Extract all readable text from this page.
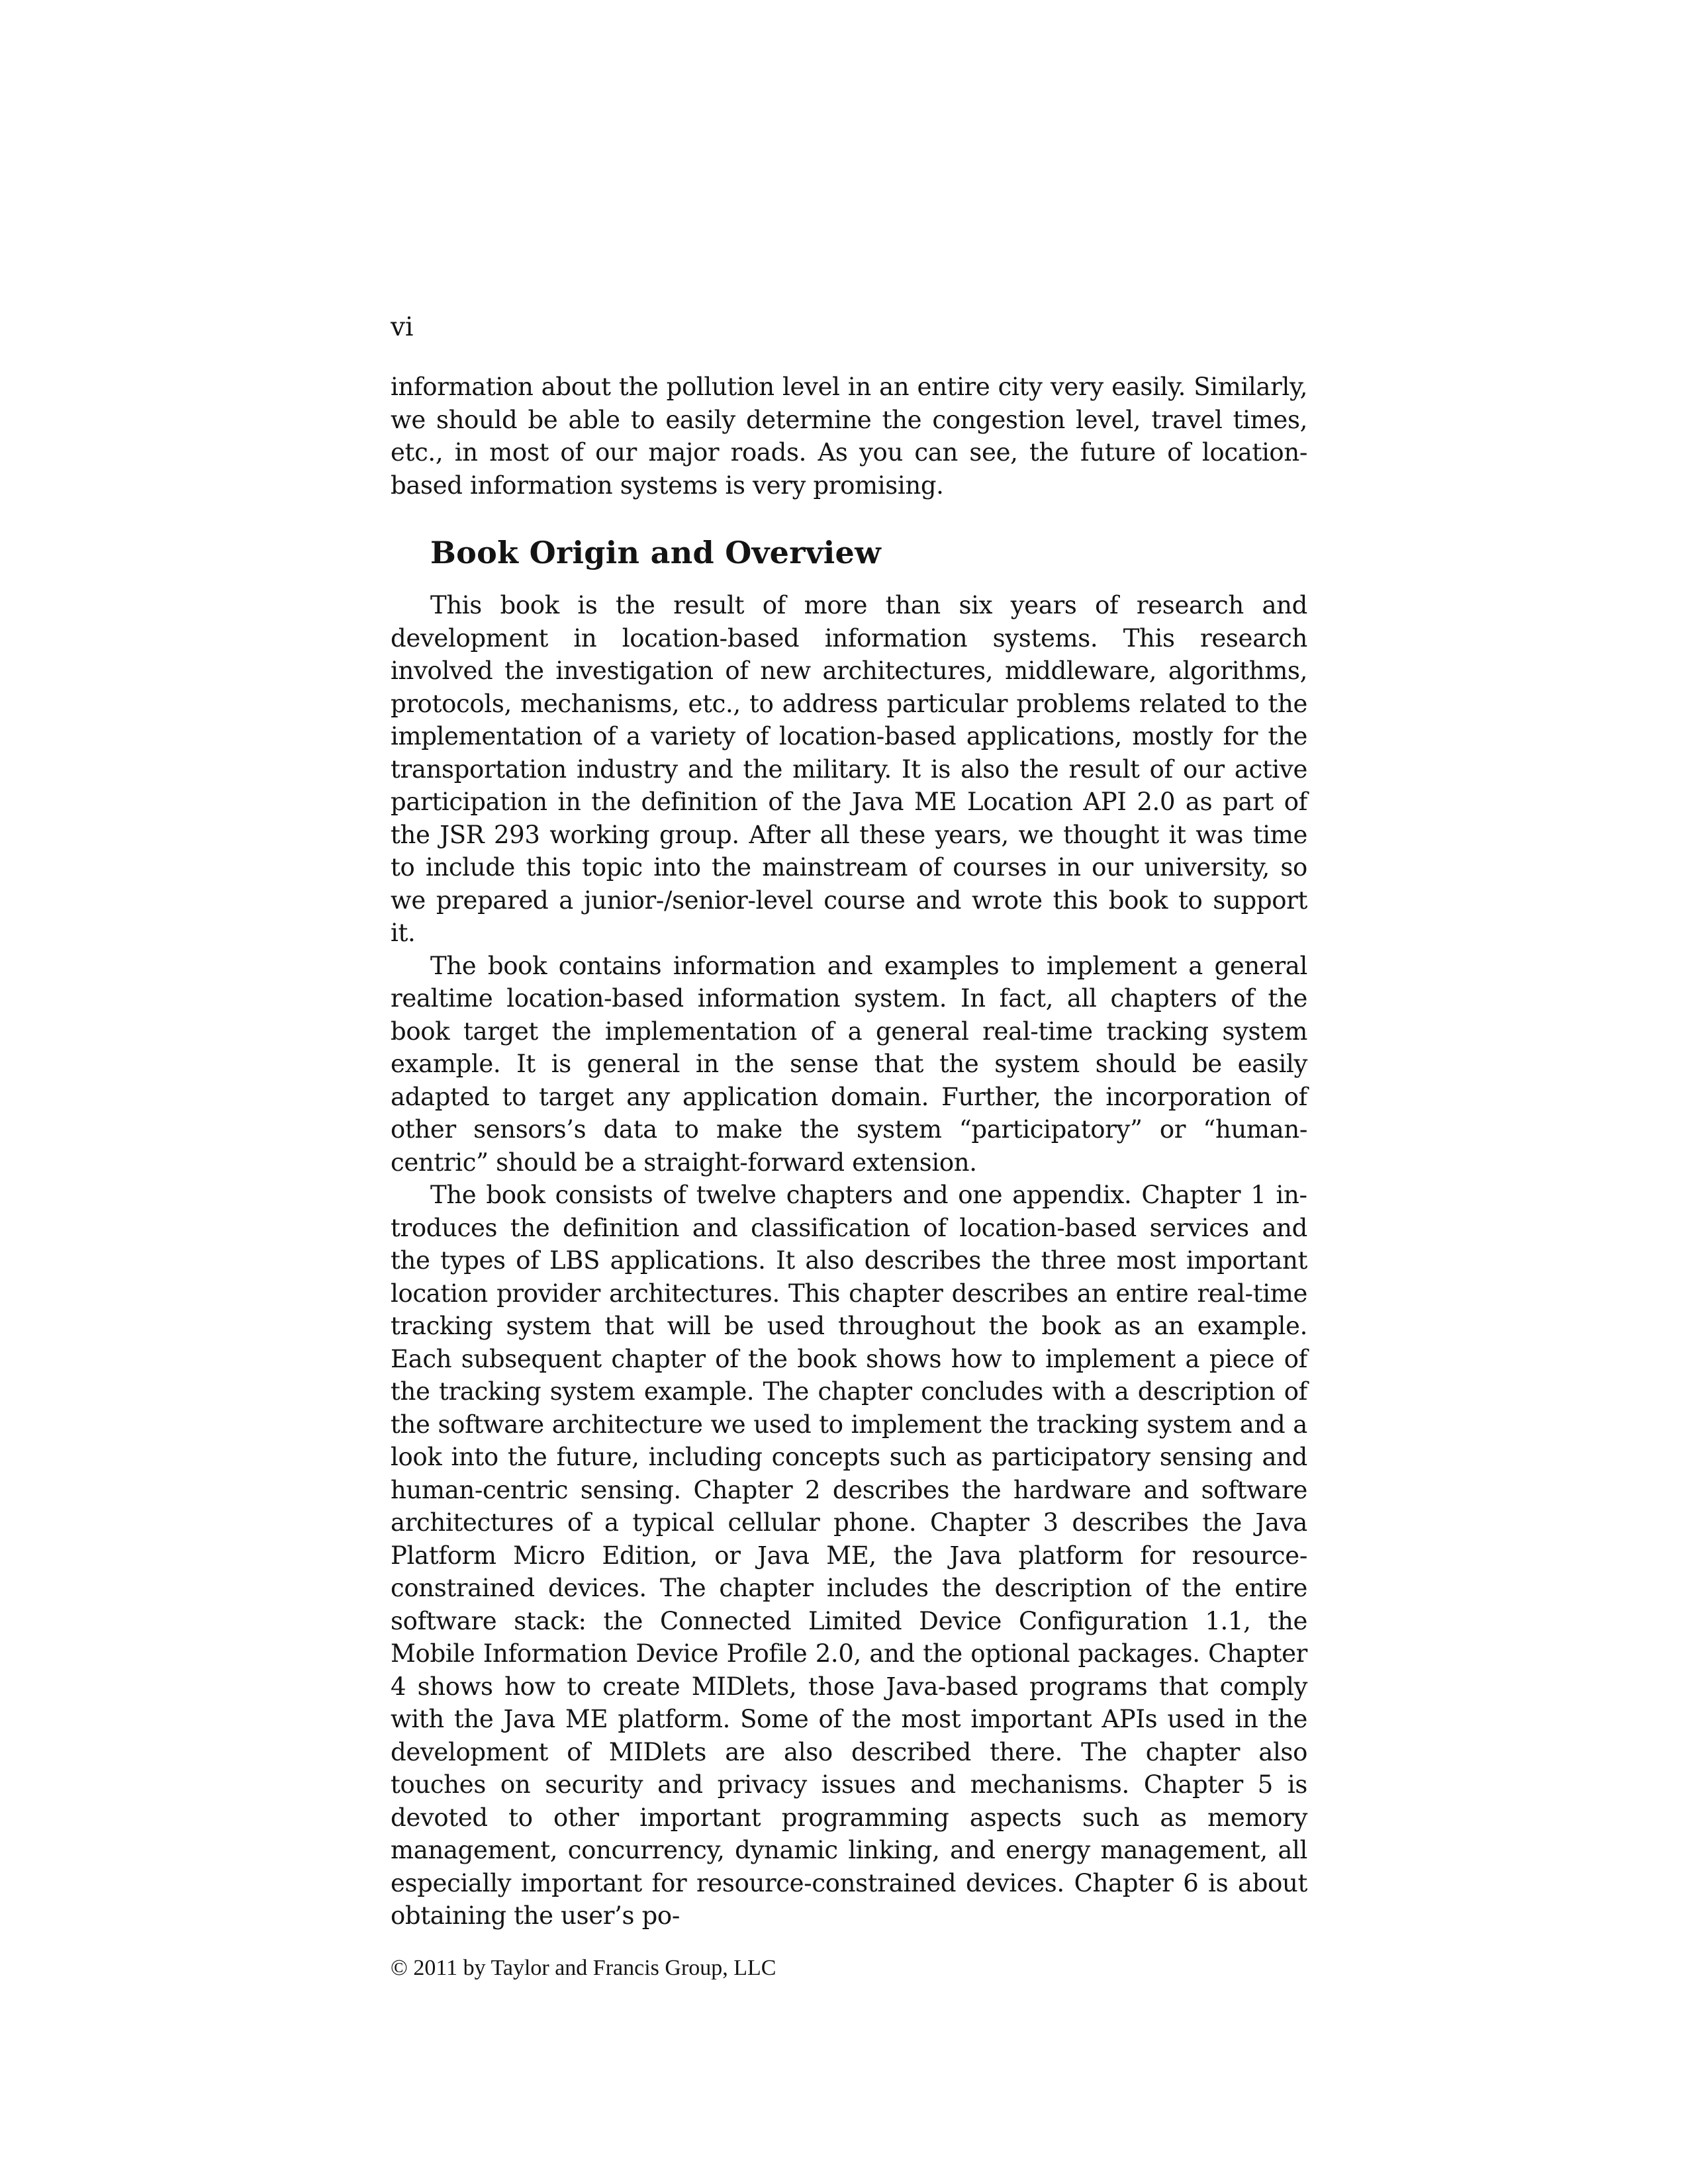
vi

information about the pollution level in an entire city very easily. Similarly, we should be able to easily determine the congestion level, travel times, etc., in most of our major roads. As you can see, the future of location-based information systems is very promising.

Book Origin and Overview

This book is the result of more than six years of research and development in location-based information systems. This research involved the investigation of new architectures, middleware, algorithms, protocols, mechanisms, etc., to address particular problems related to the implementation of a variety of location-based applications, mostly for the transportation industry and the military. It is also the result of our active participation in the definition of the Java ME Location API 2.0 as part of the JSR 293 working group. After all these years, we thought it was time to include this topic into the mainstream of courses in our university, so we prepared a junior-/senior-level course and wrote this book to support it.

The book contains information and examples to implement a general realtime location-based information system. In fact, all chapters of the book target the implementation of a general real-time tracking system example. It is general in the sense that the system should be easily adapted to target any application domain. Further, the incorporation of other sensors’s data to make the system “participatory” or “human-centric” should be a straight-forward extension.

The book consists of twelve chapters and one appendix. Chapter 1 introduces the definition and classification of location-based services and the types of LBS applications. It also describes the three most important location provider architectures. This chapter describes an entire real-time tracking system that will be used throughout the book as an example. Each subsequent chapter of the book shows how to implement a piece of the tracking system example. The chapter concludes with a description of the software architecture we used to implement the tracking system and a look into the future, including concepts such as participatory sensing and human-centric sensing. Chapter 2 describes the hardware and software architectures of a typical cellular phone. Chapter 3 describes the Java Platform Micro Edition, or Java ME, the Java platform for resource-constrained devices. The chapter includes the description of the entire software stack: the Connected Limited Device Configuration 1.1, the Mobile Information Device Profile 2.0, and the optional packages. Chapter 4 shows how to create MIDlets, those Java-based programs that comply with the Java ME platform. Some of the most important APIs used in the development of MIDlets are also described there. The chapter also touches on security and privacy issues and mechanisms. Chapter 5 is devoted to other important programming aspects such as memory management, concurrency, dynamic linking, and energy management, all especially important for resource-constrained devices. Chapter 6 is about obtaining the user’s po-

© 2011 by Taylor and Francis Group, LLC
